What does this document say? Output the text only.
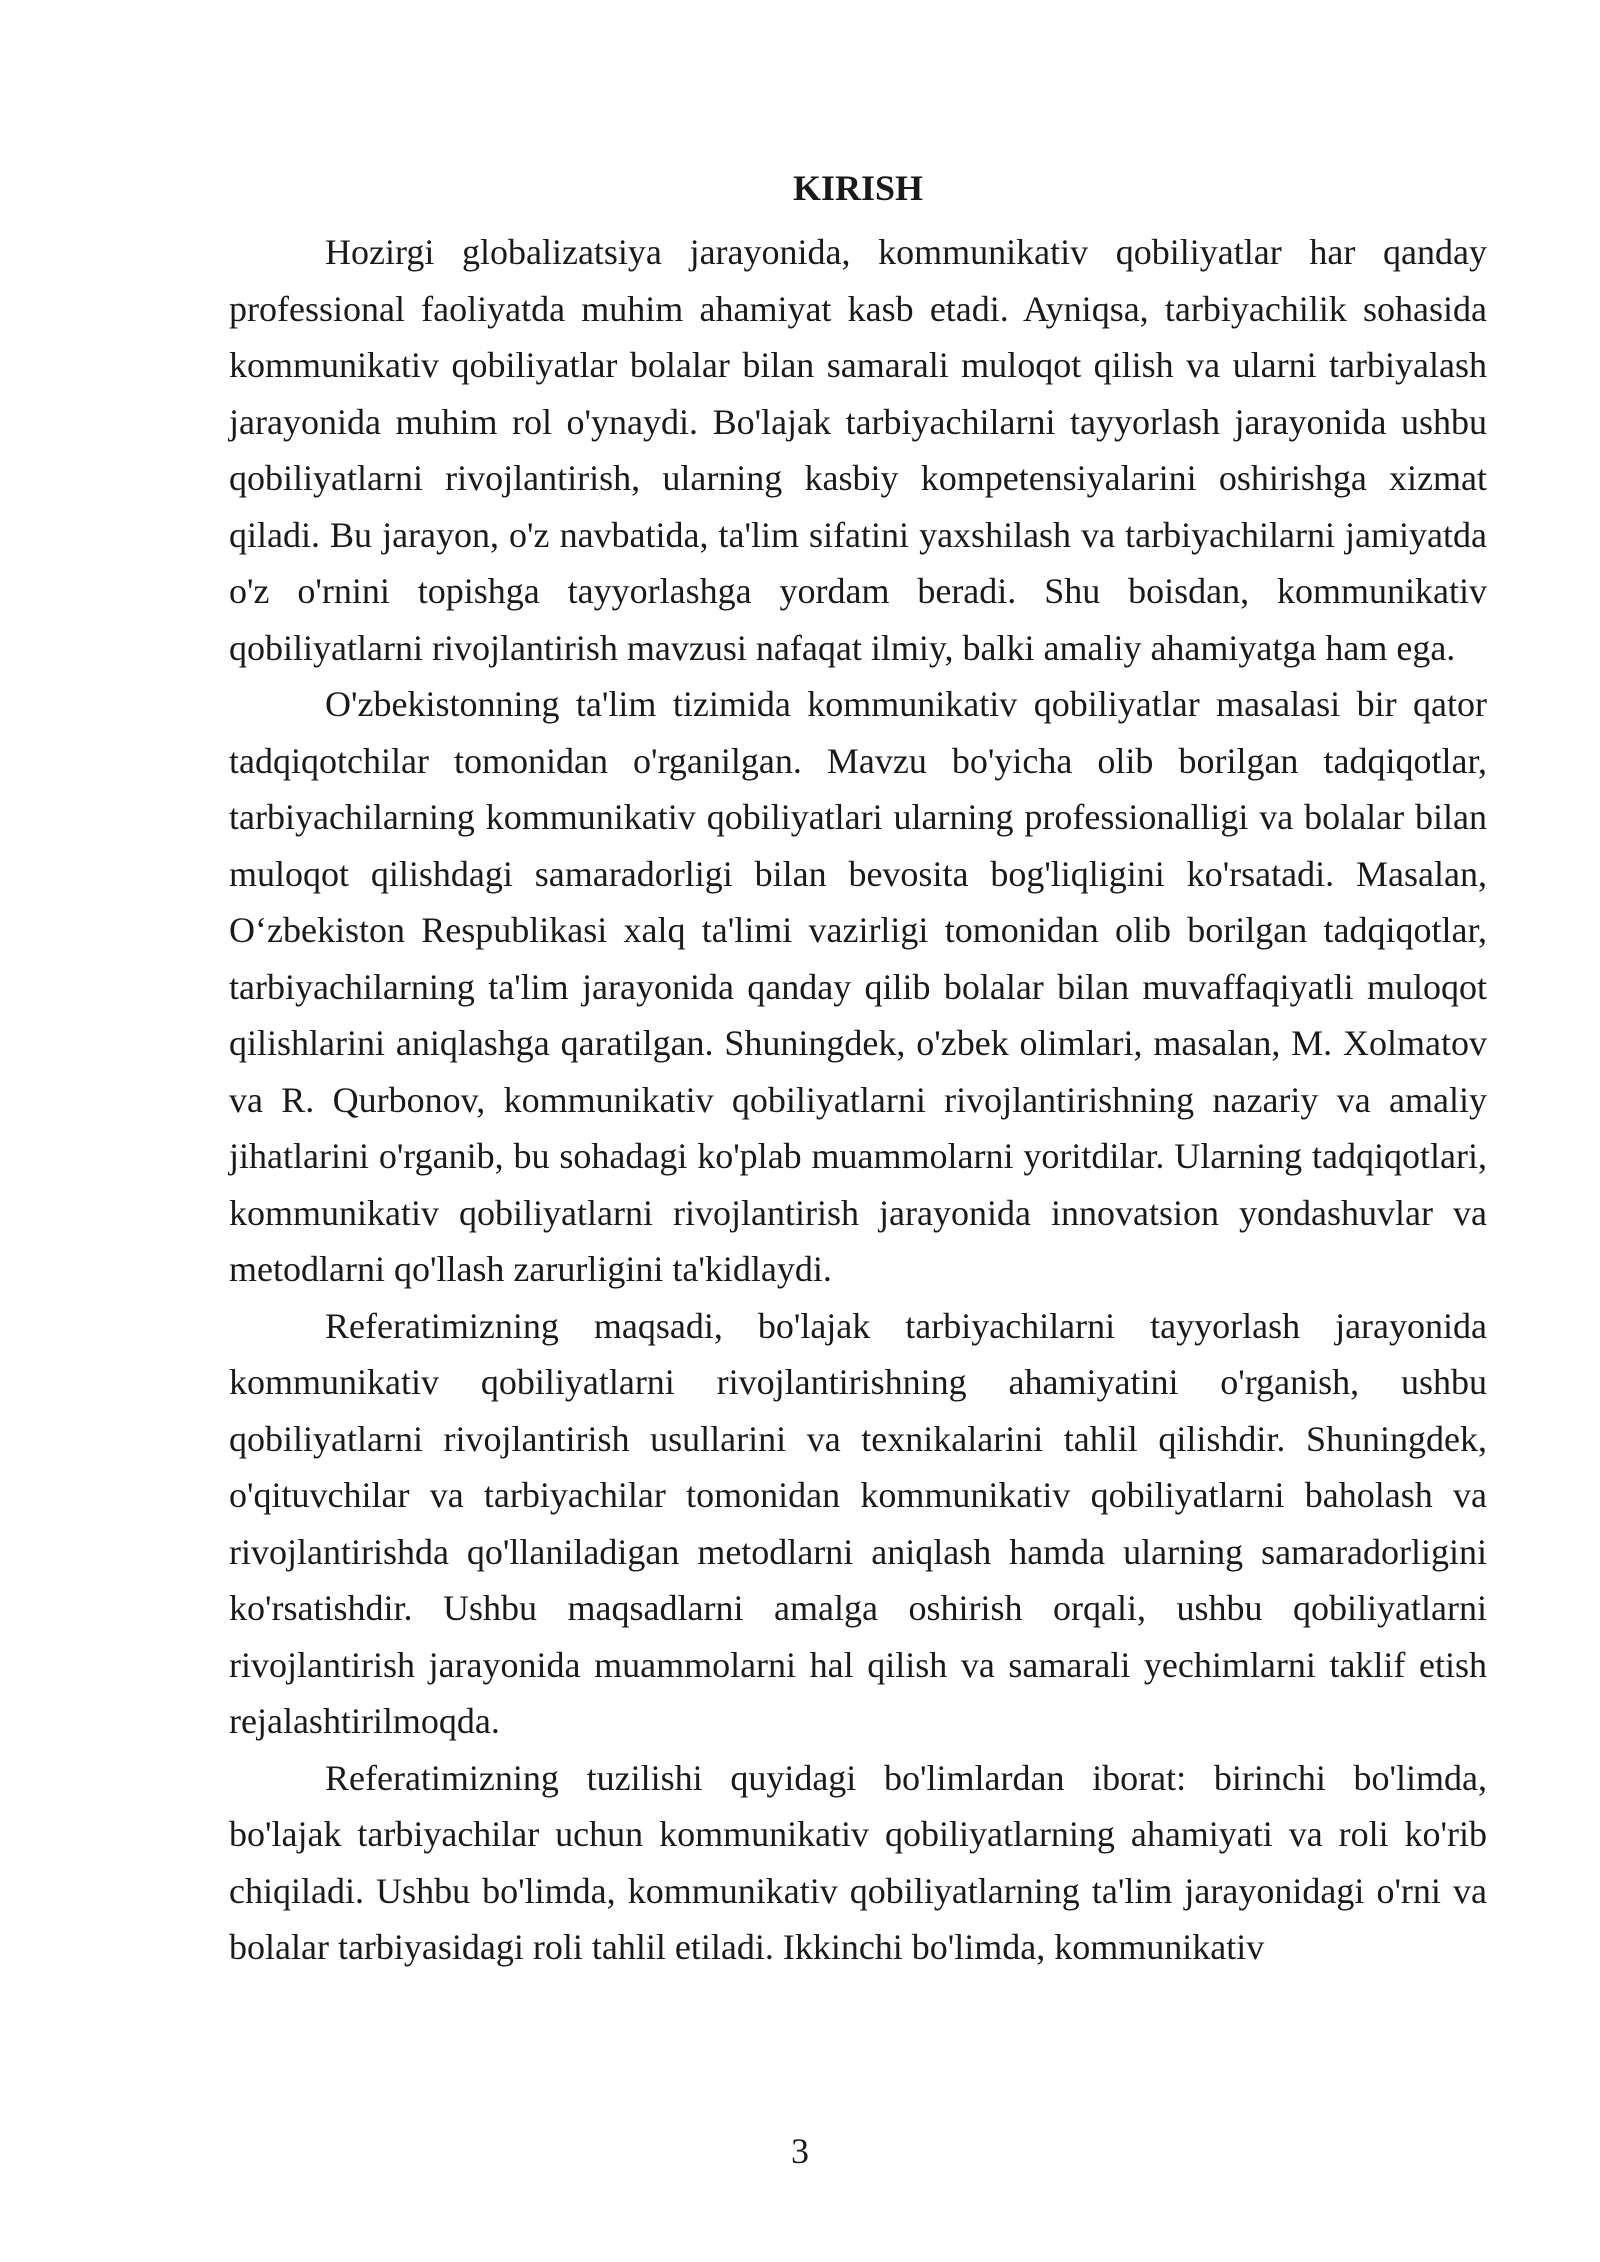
KIRISH

Hozirgi globalizatsiya jarayonida, kommunikativ qobiliyatlar har qanday professional faoliyatda muhim ahamiyat kasb etadi. Ayniqsa, tarbiyachilik sohasida kommunikativ qobiliyatlar bolalar bilan samarali muloqot qilish va ularni tarbiyalash jarayonida muhim rol o'ynaydi. Bo'lajak tarbiyachilarni tayyorlash jarayonida ushbu qobiliyatlarni rivojlantirish, ularning kasbiy kompetensiyalarini oshirishga xizmat qiladi. Bu jarayon, o'z navbatida, ta'lim sifatini yaxshilash va tarbiyachilarni jamiyatda o'z o'rnini topishga tayyorlashga yordam beradi. Shu boisdan, kommunikativ qobiliyatlarni rivojlantirish mavzusi nafaqat ilmiy, balki amaliy ahamiyatga ham ega.

O'zbekistonning ta'lim tizimida kommunikativ qobiliyatlar masalasi bir qator tadqiqotchilar tomonidan o'rganilgan. Mavzu bo'yicha olib borilgan tadqiqotlar, tarbiyachilarning kommunikativ qobiliyatlari ularning professionalligi va bolalar bilan muloqot qilishdagi samaradorligi bilan bevosita bog'liqligini ko'rsatadi. Masalan, O‘zbekiston Respublikasi xalq ta'limi vazirligi tomonidan olib borilgan tadqiqotlar, tarbiyachilarning ta'lim jarayonida qanday qilib bolalar bilan muvaffaqiyatli muloqot qilishlarini aniqlashga qaratilgan. Shuningdek, o'zbek olimlari, masalan, M. Xolmatov va R. Qurbonov, kommunikativ qobiliyatlarni rivojlantirishning nazariy va amaliy jihatlarini o'rganib, bu sohadagi ko'plab muammolarni yoritdilar. Ularning tadqiqotlari, kommunikativ qobiliyatlarni rivojlantirish jarayonida innovatsion yondashuvlar va metodlarni qo'llash zarurligini ta'kidlaydi.

Referatimizning maqsadi, bo'lajak tarbiyachilarni tayyorlash jarayonida kommunikativ qobiliyatlarni rivojlantirishning ahamiyatini o'rganish, ushbu qobiliyatlarni rivojlantirish usullarini va texnikalarini tahlil qilishdir. Shuningdek, o'qituvchilar va tarbiyachilar tomonidan kommunikativ qobiliyatlarni baholash va rivojlantirishda qo'llaniladigan metodlarni aniqlash hamda ularning samaradorligini ko'rsatishdir. Ushbu maqsadlarni amalga oshirish orqali, ushbu qobiliyatlarni rivojlantirish jarayonida muammolarni hal qilish va samarali yechimlarni taklif etish rejalashtirilmoqda.

Referatimizning tuzilishi quyidagi bo'limlardan iborat: birinchi bo'limda, bo'lajak tarbiyachilar uchun kommunikativ qobiliyatlarning ahamiyati va roli ko'rib chiqiladi. Ushbu bo'limda, kommunikativ qobiliyatlarning ta'lim jarayonidagi o'rni va bolalar tarbiyasidagi roli tahlil etiladi. Ikkinchi bo'limda, kommunikativ

3
